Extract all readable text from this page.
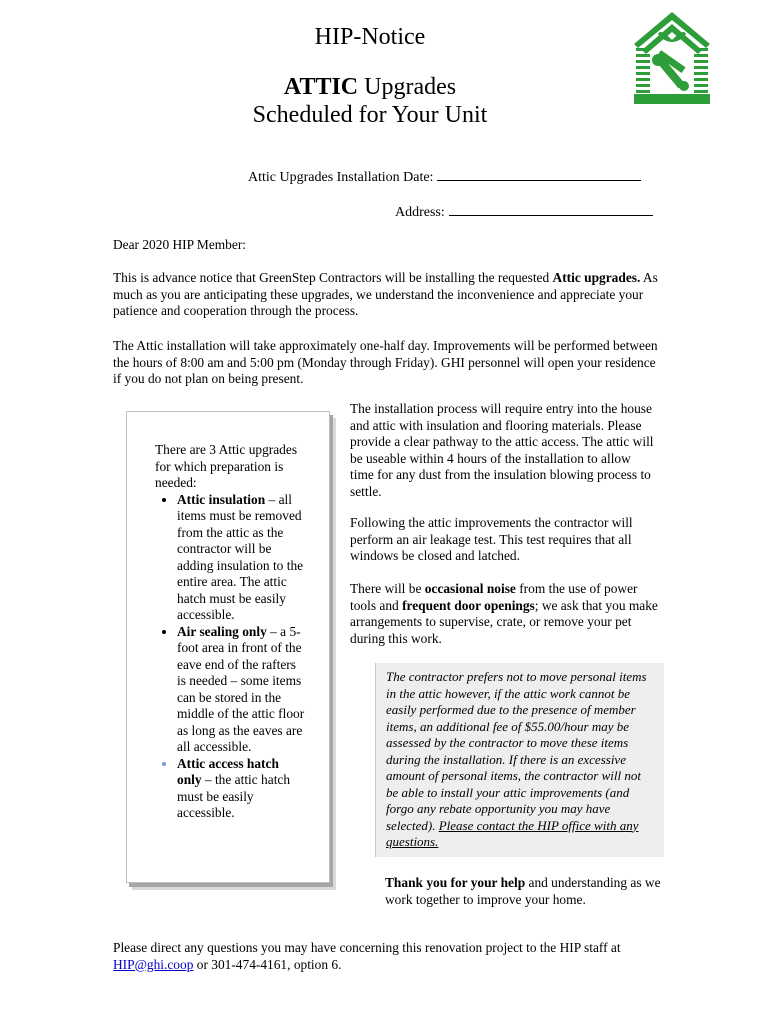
HIP-Notice
ATTIC Upgrades
Scheduled for Your Unit
Attic Upgrades Installation Date:
Address:
Dear 2020 HIP Member:
This is advance notice that GreenStep Contractors will be installing the requested Attic upgrades. As much as you are anticipating these upgrades, we understand the inconvenience and appreciate your patience and cooperation through the process.
The Attic installation will take approximately one-half day. Improvements will be performed between the hours of 8:00 am and 5:00 pm (Monday through Friday). GHI personnel will open your residence if you do not plan on being present.
There are 3 Attic upgrades for which preparation is needed:
• Attic insulation – all items must be removed from the attic as the contractor will be adding insulation to the entire area. The attic hatch must be easily accessible.
• Air sealing only – a 5-foot area in front of the eave end of the rafters is needed – some items can be stored in the middle of the attic floor as long as the eaves are all accessible.
• Attic access hatch only – the attic hatch must be easily accessible.
The installation process will require entry into the house and attic with insulation and flooring materials. Please provide a clear pathway to the attic access. The attic will be useable within 4 hours of the installation to allow time for any dust from the insulation blowing process to settle.
Following the attic improvements the contractor will perform an air leakage test. This test requires that all windows be closed and latched.
There will be occasional noise from the use of power tools and frequent door openings; we ask that you make arrangements to supervise, crate, or remove your pet during this work.
The contractor prefers not to move personal items in the attic however, if the attic work cannot be easily performed due to the presence of member items, an additional fee of $55.00/hour may be assessed by the contractor to move these items during the installation. If there is an excessive amount of personal items, the contractor will not be able to install your attic improvements (and forgo any rebate opportunity you may have selected). Please contact the HIP office with any questions.
Thank you for your help and understanding as we work together to improve your home.
Please direct any questions you may have concerning this renovation project to the HIP staff at HIP@ghi.coop or 301-474-4161, option 6.
